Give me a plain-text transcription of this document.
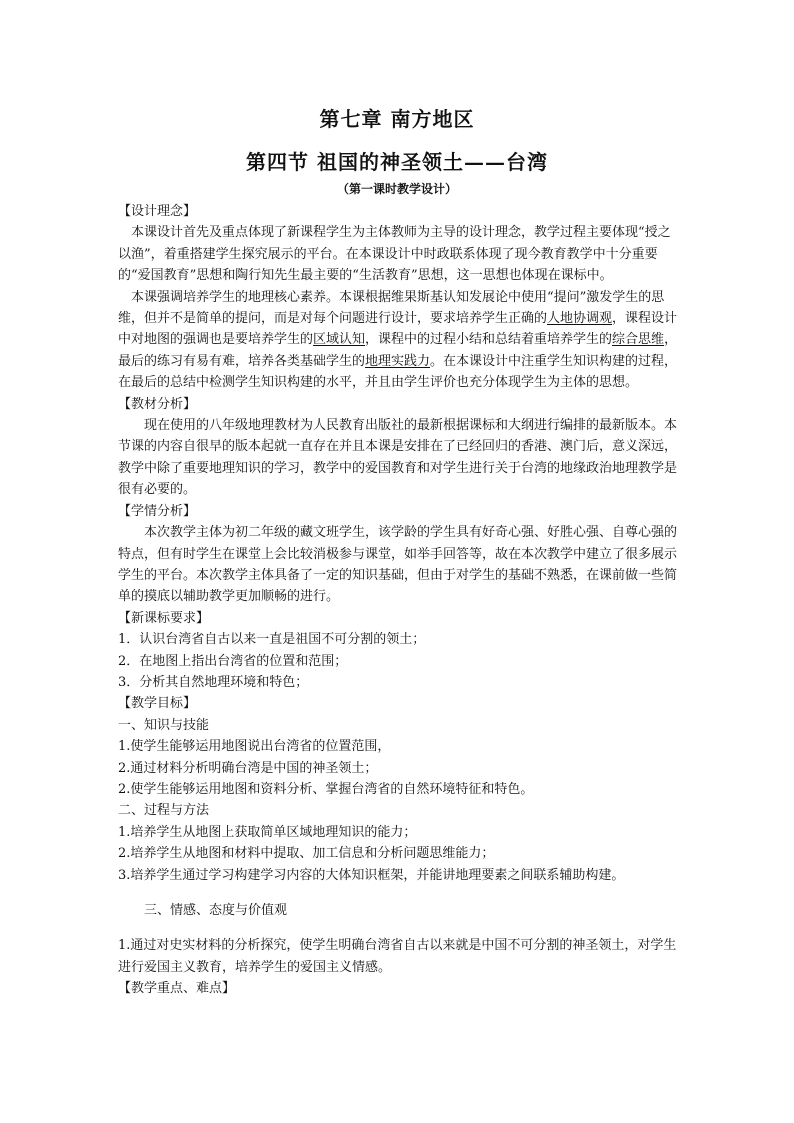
第七章 南方地区
第四节 祖国的神圣领土——台湾
（第一课时教学设计）

【设计理念】

本课设计首先及重点体现了新课程学生为主体教师为主导的设计理念，教学过程主要体现“授之以渔”，着重搭建学生探究展示的平台。在本课设计中时政联系体现了现今教育教学中十分重要的“爱国教育”思想和陶行知先生最主要的“生活教育”思想，这一思想也体现在课标中。

本课强调培养学生的地理核心素养。本课根据维果斯基认知发展论中使用“提问”激发学生的思维，但并不是简单的提问，而是对每个问题进行设计，要求培养学生正确的人地协调观，课程设计中对地图的强调也是要培养学生的区域认知，课程中的过程小结和总结着重培养学生的综合思维，最后的练习有易有难，培养各类基础学生的地理实践力。在本课设计中注重学生知识构建的过程，在最后的总结中检测学生知识构建的水平，并且由学生评价也充分体现学生为主体的思想。

【教材分析】

现在使用的八年级地理教材为人民教育出版社的最新根据课标和大纲进行编排的最新版本。本节课的内容自很早的版本起就一直存在并且本课是安排在了已经回归的香港、澳门后，意义深远，教学中除了重要地理知识的学习，教学中的爱国教育和对学生进行关于台湾的地缘政治地理教学是很有必要的。

【学情分析】

本次教学主体为初二年级的藏文班学生，该学龄的学生具有好奇心强、好胜心强、自尊心强的特点，但有时学生在课堂上会比较消极参与课堂，如举手回答等，故在本次教学中建立了很多展示学生的平台。本次教学主体具备了一定的知识基础，但由于对学生的基础不熟悉，在课前做一些简单的摸底以辅助教学更加顺畅的进行。

【新课标要求】

1．认识台湾省自古以来一直是祖国不可分割的领土；

2．在地图上指出台湾省的位置和范围；

3．分析其自然地理环境和特色；

【教学目标】

一、知识与技能

1.使学生能够运用地图说出台湾省的位置范围，

2.通过材料分析明确台湾是中国的神圣领土；

2.使学生能够运用地图和资料分析、掌握台湾省的自然环境特征和特色。

二、过程与方法

1.培养学生从地图上获取简单区域地理知识的能力；

2.培养学生从地图和材料中提取、加工信息和分析问题思维能力；

3.培养学生通过学习构建学习内容的大体知识框架，并能讲地理要素之间联系辅助构建。

三、情感、态度与价值观

1.通过对史实材料的分析探究，使学生明确台湾省自古以来就是中国不可分割的神圣领土，对学生进行爱国主义教育，培养学生的爱国主义情感。

【教学重点、难点】
